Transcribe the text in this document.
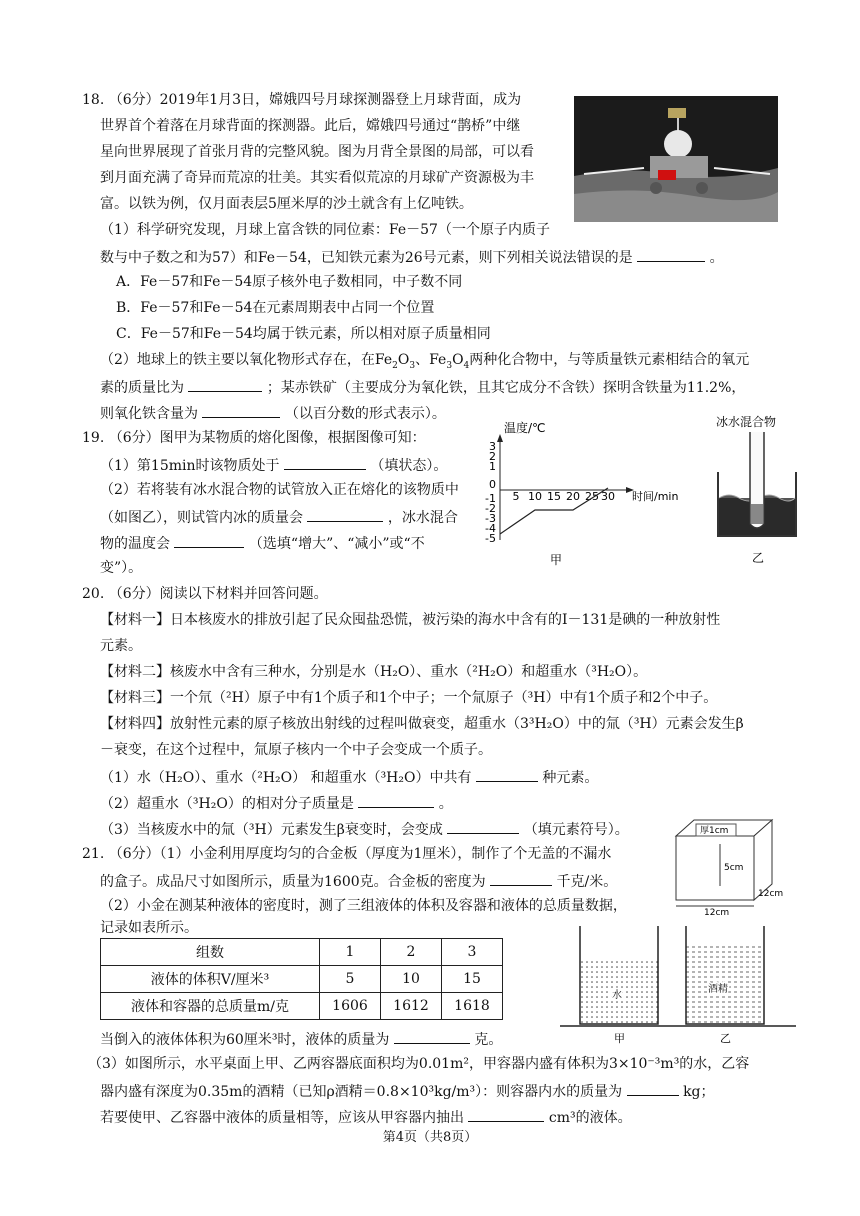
18. （6分）2019年1月3日，嫦娥四号月球探测器登上月球背面，成为
世界首个着落在月球背面的探测器。此后，嫦娥四号通过“鹊桥”中继
星向世界展现了首张月背的完整风貌。图为月背全景图的局部，可以看
到月面充满了奇异而荒凉的壮美。其实看似荒凉的月球矿产资源极为丰
富。以铁为例，仅月面表层5厘米厚的沙土就含有上亿吨铁。
（1）科学研究发现，月球上富含铁的同位素：Fe－57（一个原子内质子
数与中子数之和为57）和Fe－54，已知铁元素为26号元素，则下列相关说法错误的是	。
A．Fe－57和Fe－54原子核外电子数相同，中子数不同
B．Fe－57和Fe－54在元素周期表中占同一个位置
C．Fe－57和Fe－54均属于铁元素，所以相对原子质量相同
（2）地球上的铁主要以氧化物形式存在，在$Fe_2O_3$、$Fe_3O_4$两种化合物中，与等质量铁元素相结合的氧元
素的质量比为	；某赤铁矿（主要成分为氧化铁，且其它成分不含铁）探明含铁量为11.2%，
则氧化铁含量为	（以百分数的形式表示）。
19. （6分）图甲为某物质的熔化图像，根据图像可知：
（1）第15min时该物质处于	（填状态）。
（2）若将装有冰水混合物的试管放入正在熔化的该物质中
（如图乙），则试管内冰的质量会	，冰水混合
物的温度会	（选填“增大”、“减小”或“不
变”）。
温度/℃
3
2
1
0
-1
-2
-3
-4
-5
5 10 15 20 25 30 时间/min
甲
冰水混合物
乙
20. （6分）阅读以下材料并回答问题。
【材料一】日本核废水的排放引起了民众囤盐恐慌，被污染的海水中含有的I－131是碘的一种放射性
元素。
【材料二】核废水中含有三种水，分别是水（H₂O）、重水（²H₂O）和超重水（³H₂O）。
【材料三】一个氘（²H）原子中有1个质子和1个中子；一个氚原子（³H）中有1个质子和2个中子。
【材料四】放射性元素的原子核放出射线的过程叫做衰变，超重水（3³H₂O）中的氚（³H）元素会发生β
－衰变，在这个过程中，氚原子核内一个中子会变成一个质子。
（1）水（H₂O）、重水（²H₂O） 和超重水（³H₂O）中共有	种元素。
（2）超重水（³H₂O）的相对分子质量是	。
（3）当核废水中的氚（³H）元素发生β衰变时，会变成	（填元素符号）。
21. （6分）（1）小金利用厚度均匀的合金板（厚度为1厘米），制作了个无盖的不漏水
的盒子。成品尺寸如图所示，质量为1600克。合金板的密度为	千克/米。
（2）小金在测某种液体的密度时，测了三组液体的体积及容器和液体的总质量数据，
记录如表所示。
厚1cm
5cm
12cm
12cm
组数	1	2	3
液体的体积V/厘米³	5	10	15
液体和容器的总质量m/克	1606	1612	1618
水
酒精
甲	乙
当倒入的液体体积为60厘米³时，液体的质量为	克。
（3）如图所示，水平桌面上甲、乙两容器底面积均为0.01m²，甲容器内盛有体积为3×10⁻³m³的水，乙容
器内盛有深度为0.35m的酒精（已知ρ酒精＝0.8×10³kg/m³）：则容器内水的质量为	kg；
若要使甲、乙容器中液体的质量相等，应该从甲容器内抽出	cm³的液体。
第4页（共8页）
